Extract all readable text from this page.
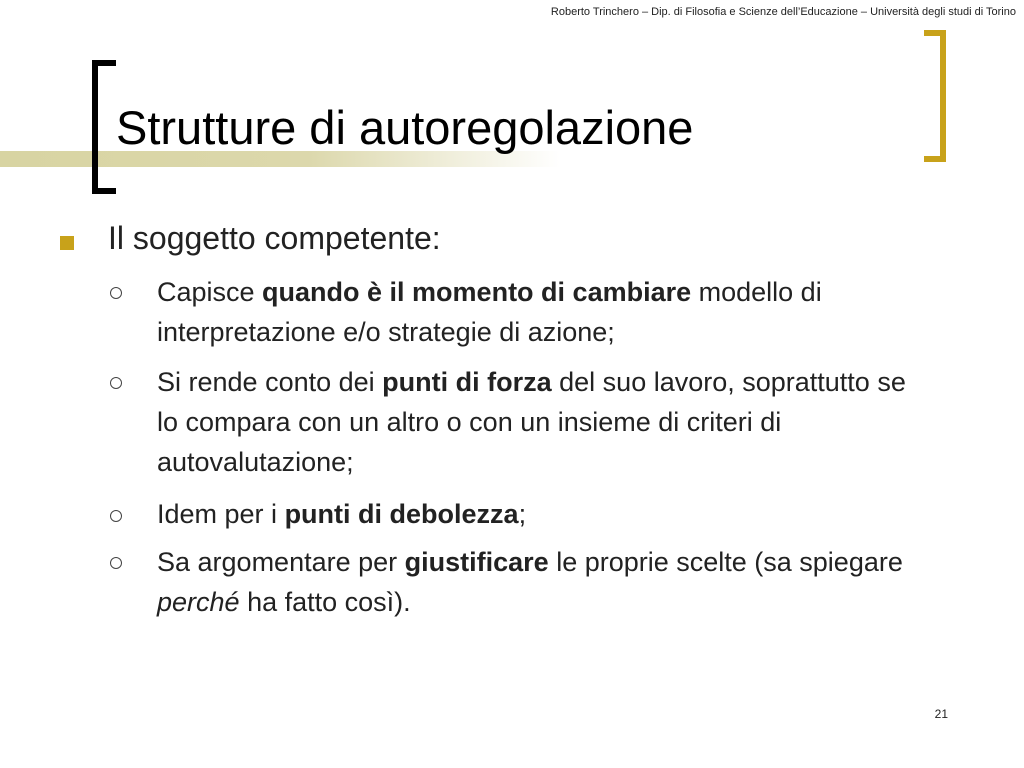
Roberto Trinchero – Dip. di Filosofia e Scienze dell’Educazione – Università degli studi di Torino
Strutture di autoregolazione
Il soggetto competente:
Capisce quando è il momento di cambiare modello di interpretazione e/o strategie di azione;
Si rende conto dei punti di forza del suo lavoro, soprattutto se lo compara con un altro o con un insieme di criteri di autovalutazione;
Idem per i punti di debolezza;
Sa argomentare per giustificare le proprie scelte (sa spiegare perché ha fatto così).
21
